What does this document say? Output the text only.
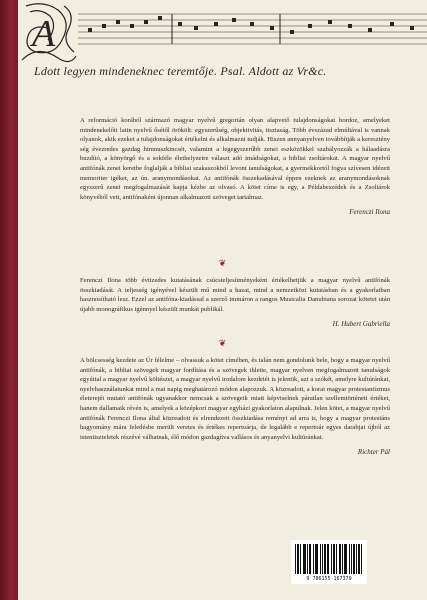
A
Ldott legyen mindeneknec teremtője. Psal. Aldott az Vr&c.

A reformáció korából származó magyar nyelvű gregorián olyan alapvető tulajdonságokat hordoz, amelyeket mindenekelőtt latin nyelvű ősétől örökölt: egyszerűség, objektivitás, tisztaság. Több évszázad elmúltával is vannak olyanok, akik ezeket a tulajdonságokat értékelni és alkalmazni tudják. Hiszen annyanyelven továbbítják a keresztény ség évezredes gazdag himnuszkincsét, valamint a legegyszerűbb zenei eszközökkel szabályozzák a hálaadásra buzdító, a könyörgő és a sokféle élethelyzetre választ adó imádságokat, a bibliai zsoltárokat. A magyar nyelvű antifónák zenei keretbe foglalják a bibliai szakaszokból levont tanulságokat, a gyermekkortól fogva szívesen idézett memoriter igéket, az ún. aranymondásokat. Az antifónák összekadásával éppen ezeknek az aranymondásoknak egyszerű zenei megfogalmazását kapja kézbe az olvasó. A kötet címe is egy, a Példabeszédek és a Zsoltárok könyvéből vett, antifónaként újonnan alkalmazott szöveget tartalmaz.

Ferenczi Ilona
❦

Ferenczi Ilona több évtizedes kutatásának csúcsteljesítményeként értékelhetjük a magyar nyelvű antifónák összkiadását. A teljesség igényével készült mű mind a hazai, mind a nemzetközi kutatásban és a gyakorlatban hasznosítható lesz. Ezzel az antifóna-kiadással a szerző immáron a rangos Musicalia Danubiana sorozat kötetei után újabb monográfikus igénnyel készült munkát publikál.

H. Hubert Gabriella
❦

A bölcsesség kezdete az Úr félelme – olvassuk a kötet címében, és talán nem gondolunk bele, hogy a magyar nyelvű antifónák, a bibliai szövegek magyar fordítása és a szövegek ihlette, magyar nyelven megfogalmazott tanulságok egyúttal a magyar nyelvű költészet, a magyar nyelvű irodalom kezdetét is jelentik, azt a szókét, amelyre kultúránkat, nyelvhasználatunkat mind a mai napig meghatározó módon alapozzuk. A közreadott, a korai magyar protestantizmus életerejét mutató antifónák ugyanakkor nemcsak a szövegeik miatt képviselnek páratlan szellemtörténeti értéket, hanem dallamaik révén is, amelyek a középkori magyar egyházi gyakorlaton alapulnak. Jelen kötet, a magyar nyelvű antifónák Ferenczi Ilona által közreadott és elrendezett összkiadása reményt ad arra is, hogy a magyar protestáns hagyomány mára feledésbe merült veretes és értékes repertoárja, de legalább e repertoár egyes darabjai újból az istentiszteletek részévé válhatnak, élő módon gazdagítva vallásos és anyanyelvi kultúránkat.

Richter Pál
9 786155 167379
